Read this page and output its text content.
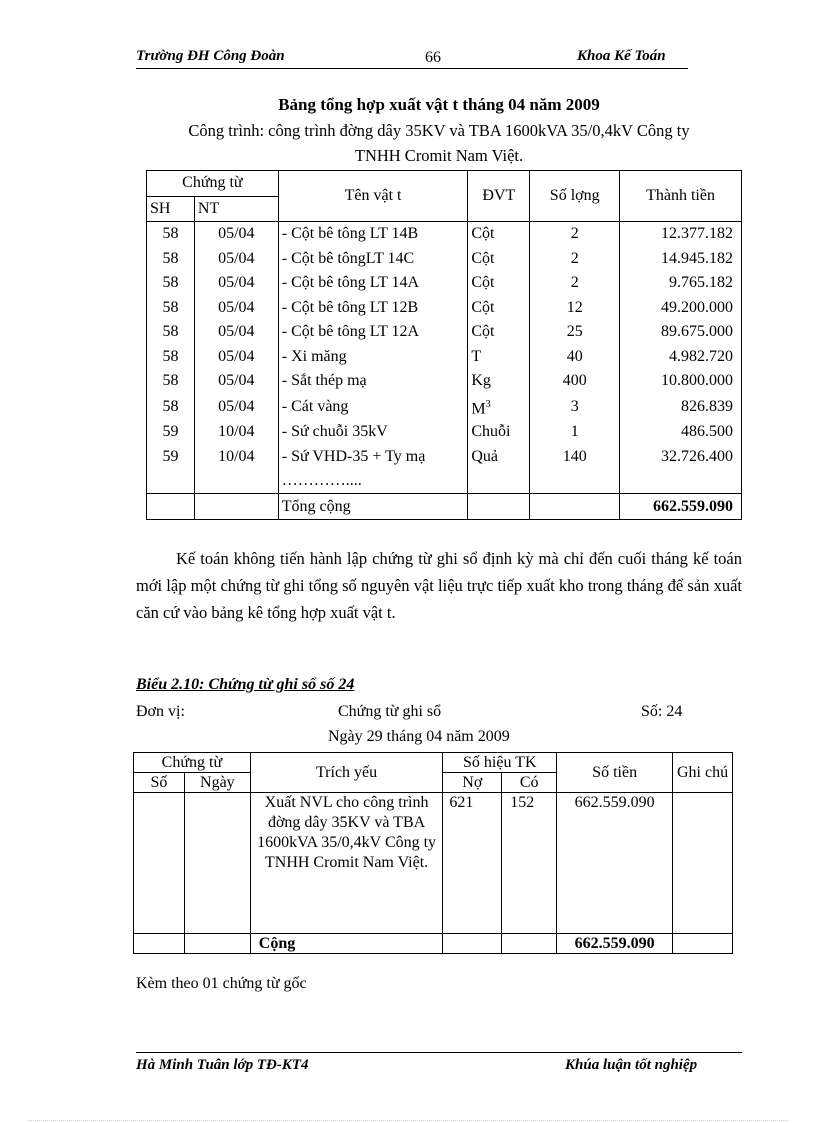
Trường ĐH Công Đoàn	66	Khoa Kế Toán
Bảng tổng hợp xuất vật t tháng 04 năm 2009
Công trình: công trình đờng dây 35KV và TBA 1600kVA 35/0,4kV Công ty
TNHH Cromit Nam Việt.
Chứng từ		Tên vật t	ĐVT	Số lợng	Thành tiền
SH	NT				
58	05/04	- Cột bê tông LT 14B	Cột	2	12.377.182
58	05/04	- Cột bê tôngLT 14C	Cột	2	14.945.182
58	05/04	- Cột bê tông LT 14A	Cột	2	9.765.182
58	05/04	- Cột bê tông LT 12B	Cột	12	49.200.000
58	05/04	- Cột bê tông LT 12A	Cột	25	89.675.000
58	05/04	- Xi măng	T	40	4.982.720
58	05/04	- Sắt thép mạ	Kg	400	10.800.000
58	05/04	- Cát vàng	$M^3$	3	826.839
59	10/04	- Sứ chuỗi 35kV	Chuỗi	1	486.500
59	10/04	- Sứ VHD-35 + Ty mạ	Quả	140	32.726.400
		…………....			
		Tổng cộng			662.559.090
Kế toán không tiến hành lập chứng từ ghi sổ định kỳ mà chỉ đến cuối tháng kế toán mới lập một chứng từ ghi tổng số nguyên vật liệu trực tiếp xuất kho trong tháng để sản xuất căn cứ vào bảng kê tổng hợp xuất vật t.
Biểu 2.10: Chứng từ ghi sổ số 24
Đơn vị:	Chứng từ ghi sổ	Số: 24
Ngày 29 tháng 04 năm 2009
Chứng từ		Trích yếu	Số hiệu TK		Số tiền	Ghi chú
Số	Ngày		Nợ	Có		
		Xuất NVL cho công trình đờng dây 35KV và TBA 1600kVA 35/0,4kV Công ty TNHH Cromit Nam Việt.	621	152	662.559.090	
		Cộng			662.559.090	
Kèm theo 01 chứng từ gốc
Hà Minh Tuân lớp TĐ-KT4	Khúa luận tốt nghiệp
